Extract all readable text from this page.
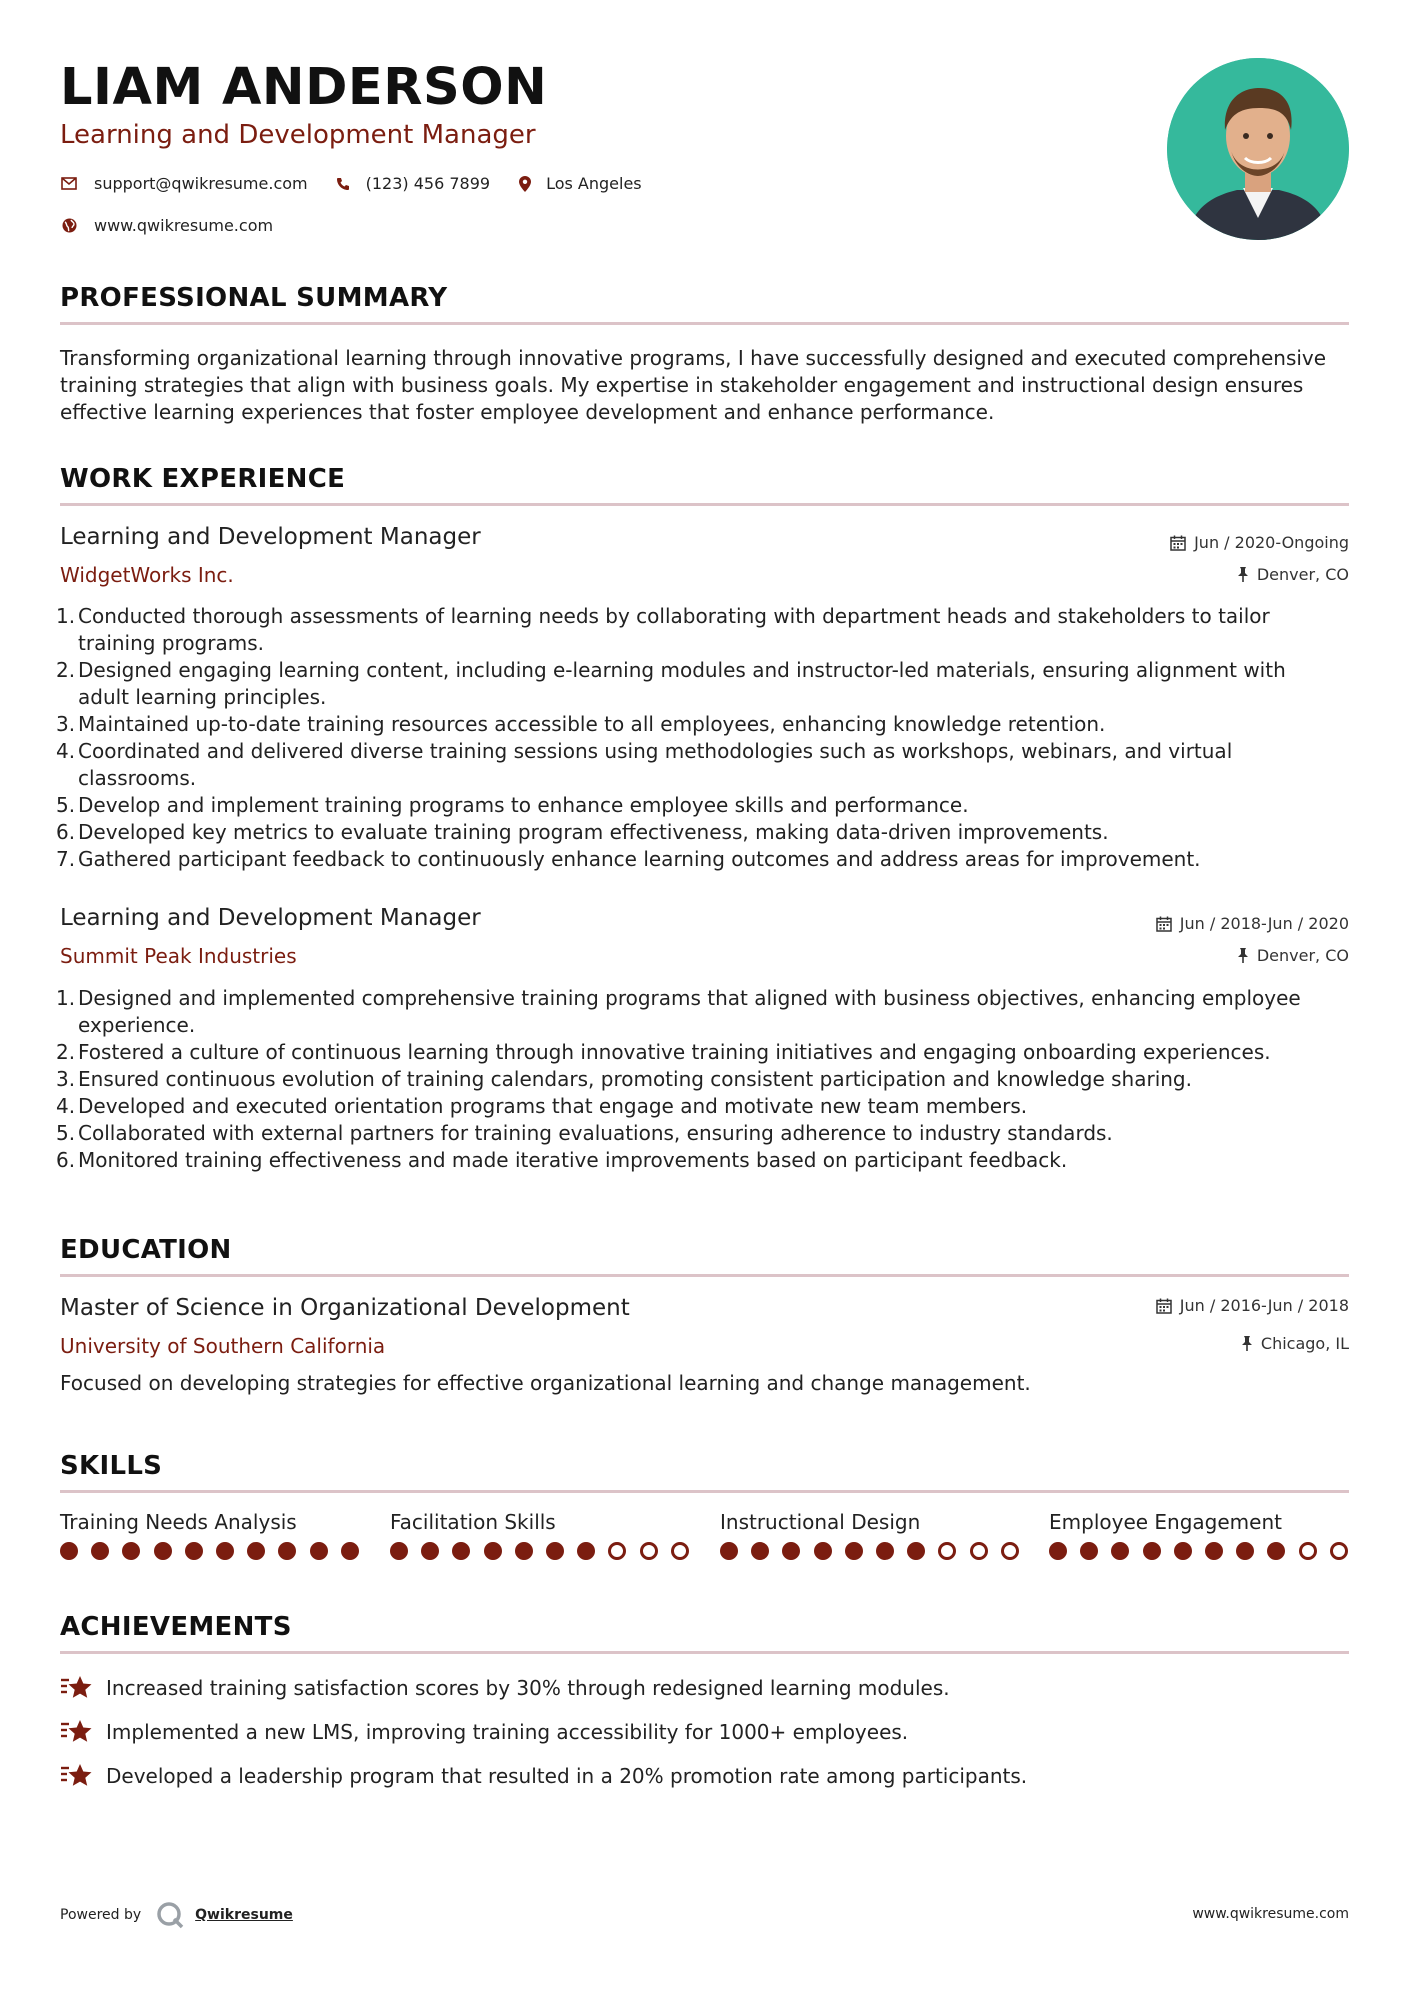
LIAM ANDERSON
Learning and Development Manager
support@qwikresume.com	(123) 456 7899	Los Angeles
www.qwikresume.com
PROFESSIONAL SUMMARY
Transforming organizational learning through innovative programs, I have successfully designed and executed comprehensive training strategies that align with business goals. My expertise in stakeholder engagement and instructional design ensures effective learning experiences that foster employee development and enhance performance.
WORK EXPERIENCE
Learning and Development Manager
WidgetWorks Inc.
Jun / 2020-Ongoing
Denver, CO
1. Conducted thorough assessments of learning needs by collaborating with department heads and stakeholders to tailor training programs.
2. Designed engaging learning content, including e-learning modules and instructor-led materials, ensuring alignment with adult learning principles.
3. Maintained up-to-date training resources accessible to all employees, enhancing knowledge retention.
4. Coordinated and delivered diverse training sessions using methodologies such as workshops, webinars, and virtual classrooms.
5. Develop and implement training programs to enhance employee skills and performance.
6. Developed key metrics to evaluate training program effectiveness, making data-driven improvements.
7. Gathered participant feedback to continuously enhance learning outcomes and address areas for improvement.
Learning and Development Manager
Summit Peak Industries
Jun / 2018-Jun / 2020
Denver, CO
1. Designed and implemented comprehensive training programs that aligned with business objectives, enhancing employee experience.
2. Fostered a culture of continuous learning through innovative training initiatives and engaging onboarding experiences.
3. Ensured continuous evolution of training calendars, promoting consistent participation and knowledge sharing.
4. Developed and executed orientation programs that engage and motivate new team members.
5. Collaborated with external partners for training evaluations, ensuring adherence to industry standards.
6. Monitored training effectiveness and made iterative improvements based on participant feedback.
EDUCATION
Master of Science in Organizational Development
University of Southern California
Jun / 2016-Jun / 2018
Chicago, IL
Focused on developing strategies for effective organizational learning and change management.
SKILLS
Training Needs Analysis	Facilitation Skills	Instructional Design	Employee Engagement
ACHIEVEMENTS
Increased training satisfaction scores by 30% through redesigned learning modules.
Implemented a new LMS, improving training accessibility for 1000+ employees.
Developed a leadership program that resulted in a 20% promotion rate among participants.
Powered by	Qwikresume	www.qwikresume.com
